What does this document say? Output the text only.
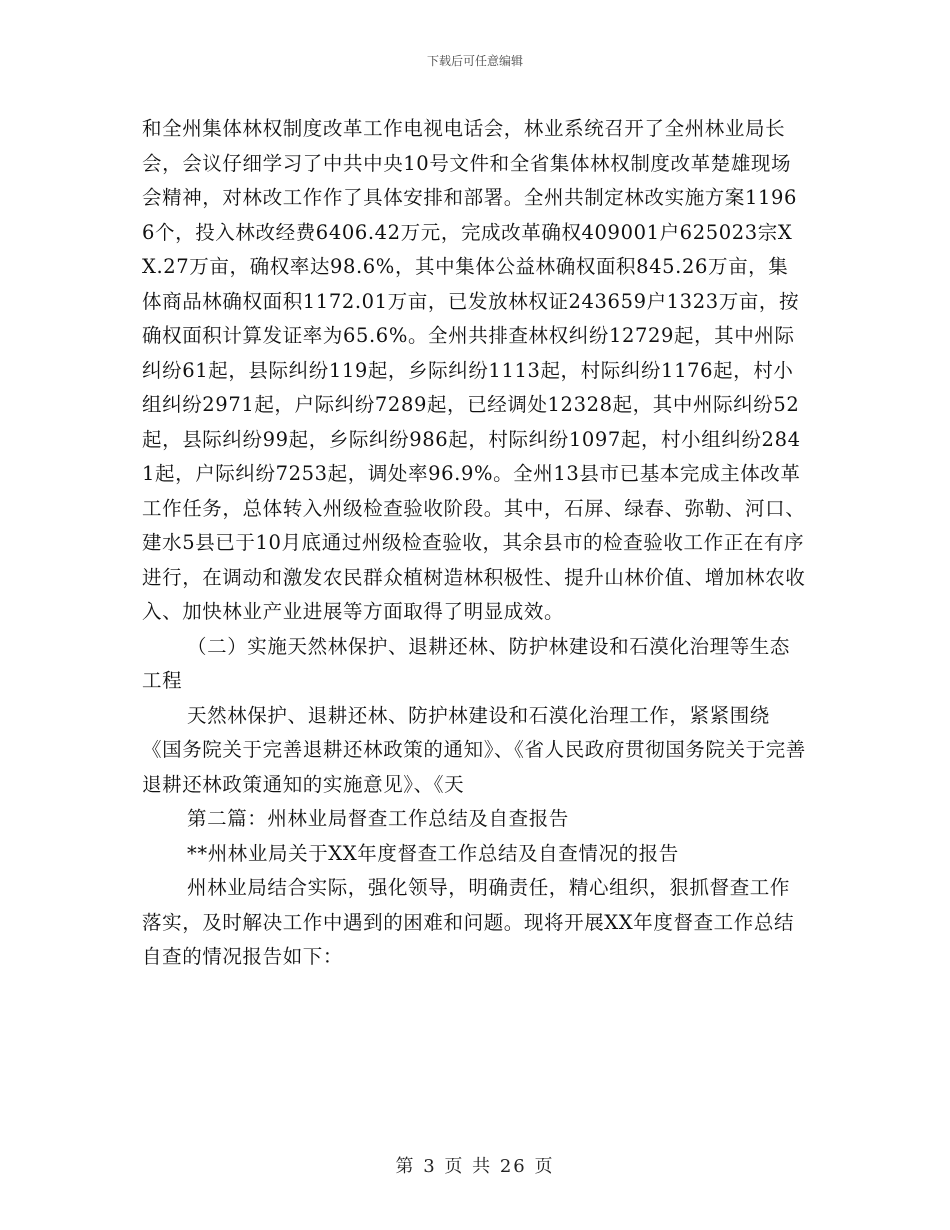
下载后可任意编辑

和全州集体林权制度改革工作电视电话会，林业系统召开了全州林业局长会，会议仔细学习了中共中央10号文件和全省集体林权制度改革楚雄现场会精神，对林改工作作了具体安排和部署。全州共制定林改实施方案11966个，投入林改经费6406.42万元，完成改革确权409001户625023宗XX.27万亩，确权率达98.6%，其中集体公益林确权面积845.26万亩，集体商品林确权面积1172.01万亩，已发放林权证243659户1323万亩，按确权面积计算发证率为65.6%。全州共排查林权纠纷12729起，其中州际纠纷61起，县际纠纷119起，乡际纠纷1113起，村际纠纷1176起，村小组纠纷2971起，户际纠纷7289起，已经调处12328起，其中州际纠纷52起，县际纠纷99起，乡际纠纷986起，村际纠纷1097起，村小组纠纷2841起，户际纠纷7253起，调处率96.9%。全州13县市已基本完成主体改革工作任务，总体转入州级检查验收阶段。其中，石屏、绿春、弥勒、河口、建水5县已于10月底通过州级检查验收，其余县市的检查验收工作正在有序进行，在调动和激发农民群众植树造林积极性、提升山林价值、增加林农收入、加快林业产业进展等方面取得了明显成效。

（二）实施天然林保护、退耕还林、防护林建设和石漠化治理等生态工程

天然林保护、退耕还林、防护林建设和石漠化治理工作，紧紧围绕《国务院关于完善退耕还林政策的通知》、《省人民政府贯彻国务院关于完善退耕还林政策通知的实施意见》、《天

第二篇：州林业局督查工作总结及自查报告

**州林业局关于XX年度督查工作总结及自查情况的报告

州林业局结合实际，强化领导，明确责任，精心组织，狠抓督查工作落实，及时解决工作中遇到的困难和问题。现将开展XX年度督查工作总结自查的情况报告如下：

第 3 页 共 26 页
